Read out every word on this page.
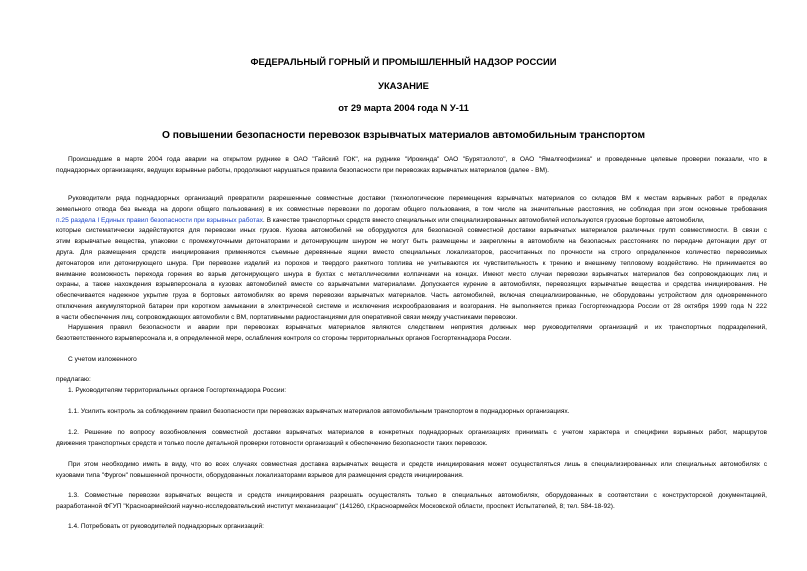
ФЕДЕРАЛЬНЫЙ ГОРНЫЙ И ПРОМЫШЛЕННЫЙ НАДЗОР РОССИИ
УКАЗАНИЕ
от 29 марта 2004 года N У-11
О повышении безопасности перевозок взрывчатых материалов автомобильным транспортом
Происшедшие в марте 2004 года аварии на открытом руднике в ОАО "Гайский ГОК", на руднике "Ирокинда" ОАО "Бурятзолото", в ОАО "Ямалгеофизика" и проведенные целевые проверки показали, что в
поднадзорных организациях, ведущих взрывные работы, продолжают нарушаться правила безопасности при перевозках взрывчатых материалов (далее - ВМ).
Руководители ряда поднадзорных организаций превратили разрешенные совместные доставки (технологические перемещения взрывчатых материалов со складов ВМ к местам взрывных работ в пределах
земельного отвода без выезда на дороги общего пользования) в их совместные перевозки по дорогам общего пользования, в том числе на значительные расстояния, не соблюдая при этом основные требования
п.25 раздела I Единых правил безопасности при взрывных работах. В качестве транспортных средств вместо специальных или специализированных автомобилей используются грузовые бортовые автомобили,
которые систематически задействуются для перевозки иных грузов. Кузова автомобилей не оборудуются для безопасной совместной доставки взрывчатых материалов различных групп совместимости. В связи с
этим взрывчатые вещества, упаковки с промежуточными детонаторами и детонирующим шнуром не могут быть размещены и закреплены в автомобиле на безопасных расстояниях по передаче детонации друг от
друга. Для размещения средств инициирования применяются съемные деревянные ящики вместо специальных локализаторов, рассчитанных по прочности на строго определенное количество перевозимых
детонаторов или детонирующего шнура. При перевозке изделий из порохов и твердого ракетного топлива не учитываются их чувствительность к трению и внешнему тепловому воздействию. Не принимается во
внимание возможность перехода горения во взрыв детонирующего шнура в бухтах с металлическими колпачками на концах. Имеют место случаи перевозки взрывчатых материалов без сопровождающих лиц и
охраны, а также нахождения взрывперсонала в кузовах автомобилей вместе со взрывчатыми материалами. Допускается курение в автомобилях, перевозящих взрывчатые вещества и средства инициирования. Не
обеспечивается надежное укрытие груза в бортовых автомобилях во время перевозки взрывчатых материалов. Часть автомобилей, включая специализированные, не оборудованы устройством для одновременного
отключения аккумуляторной батареи при коротком замыкании в электрической системе и исключения искрообразования и возгорания. Не выполняется приказ Госгортехнадзора России от 28 октября 1999 года N 222
в части обеспечения лиц, сопровождающих автомобили с ВМ, портативными радиостанциями для оперативной связи между участниками перевозки.
Нарушения правил безопасности и аварии при перевозках взрывчатых материалов являются следствием неприятия должных мер руководителями организаций и их транспортных подразделений,
безответственного взрывперсонала и, в определенной мере, ослабления контроля со стороны территориальных органов Госгортехнадзора России.
С учетом изложенного
предлагаю:
1. Руководителям территориальных органов Госгортехнадзора России:
1.1. Усилить контроль за соблюдением правил безопасности при перевозках взрывчатых материалов автомобильным транспортом в поднадзорных организациях.
1.2. Решение по вопросу возобновления совместной доставки взрывчатых материалов в конкретных поднадзорных организациях принимать с учетом характера и специфики взрывных работ, маршрутов
движения транспортных средств и только после детальной проверки готовности организаций к обеспечению безопасности таких перевозок.
При этом необходимо иметь в виду, что во всех случаях совместная доставка взрывчатых веществ и средств инициирования может осуществляться лишь в специализированных или специальных автомобилях с
кузовами типа "Фургон" повышенной прочности, оборудованных локализаторами взрывов для размещения средств инициирования.
1.3. Совместные перевозки взрывчатых веществ и средств инициирования разрешать осуществлять только в специальных автомобилях, оборудованных в соответствии с конструкторской документацией,
разработанной ФГУП "Красноармейский научно-исследовательский институт механизации" (141260, г.Красноармейск Московской области, проспект Испытателей, 8; тел. 584-18-92).
1.4. Потребовать от руководителей поднадзорных организаций:
